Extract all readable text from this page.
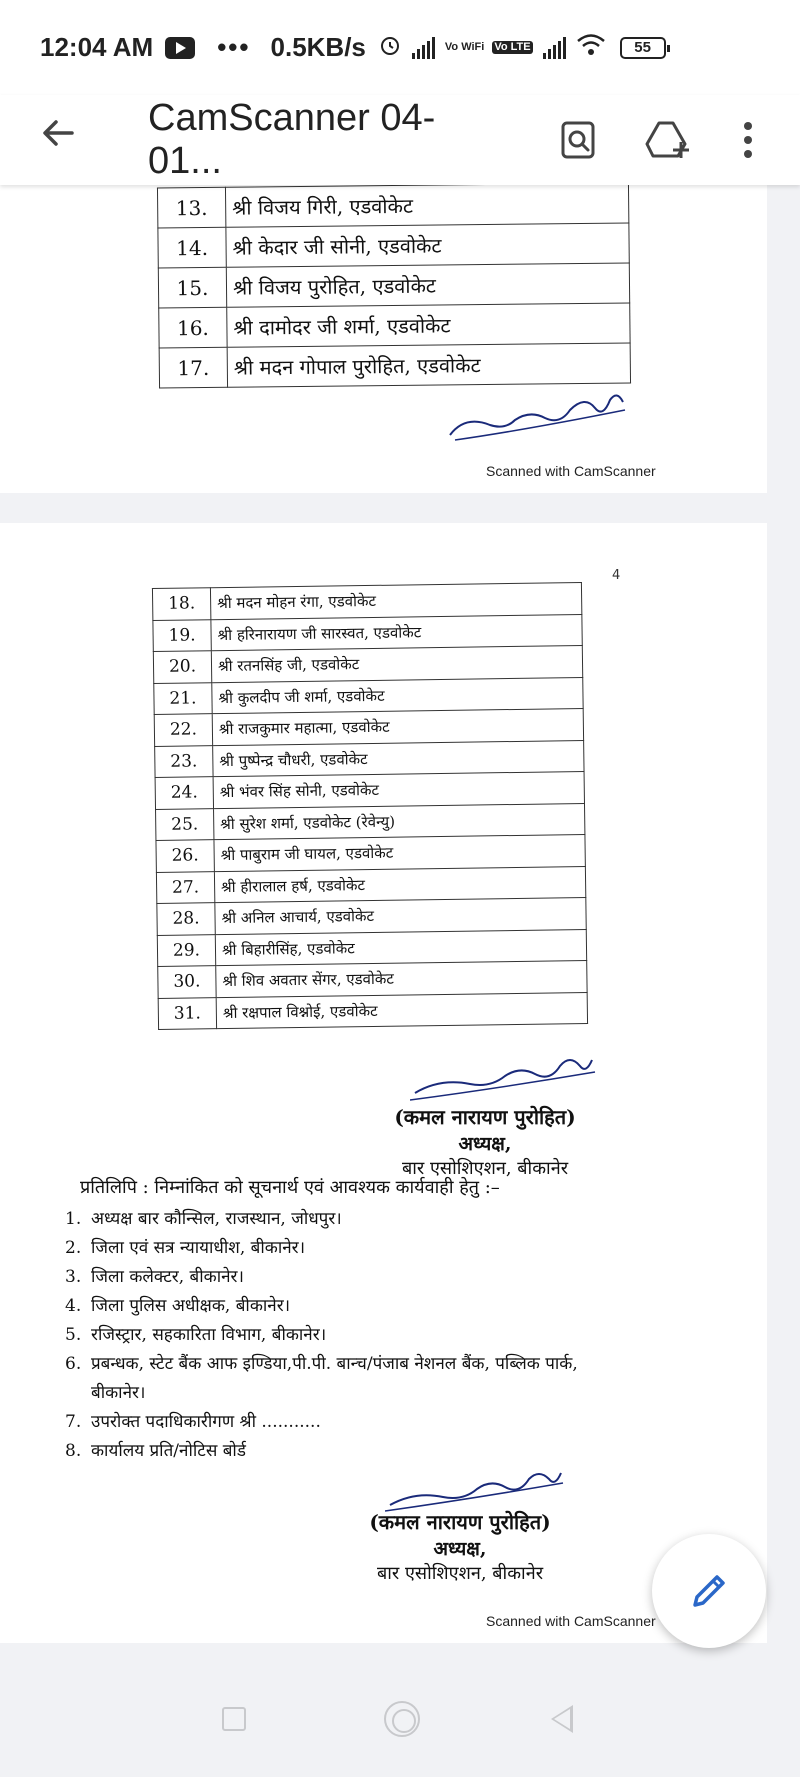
12:04 AM ••• 0.5KB/s	Vo WiFi Vo LTE	55
CamScanner 04-01...
13.	श्री विजय गिरी, एडवोकेट
14.	श्री केदार जी सोनी, एडवोकेट
15.	श्री विजय पुरोहित, एडवोकेट
16.	श्री दामोदर जी शर्मा, एडवोकेट
17.	श्री मदन गोपाल पुरोहित, एडवोकेट
Scanned with CamScanner
4
18.	श्री मदन मोहन रंगा, एडवोकेट
19.	श्री हरिनारायण जी सारस्वत, एडवोकेट
20.	श्री रतनसिंह जी, एडवोकेट
21.	श्री कुलदीप जी शर्मा, एडवोकेट
22.	श्री राजकुमार महात्मा, एडवोकेट
23.	श्री पुष्पेन्द्र चौधरी, एडवोकेट
24.	श्री भंवर सिंह सोनी, एडवोकेट
25.	श्री सुरेश शर्मा, एडवोकेट (रेवेन्यु)
26.	श्री पाबुराम जी घायल, एडवोकेट
27.	श्री हीरालाल हर्ष, एडवोकेट
28.	श्री अनिल आचार्य, एडवोकेट
29.	श्री बिहारीसिंह, एडवोकेट
30.	श्री शिव अवतार सेंगर, एडवोकेट
31.	श्री रक्षपाल विश्नोई, एडवोकेट
(कमल नारायण पुरोहित)
अध्यक्ष,
बार एसोशिएशन, बीकानेर
प्रतिलिपि : निम्नांकित को सूचनार्थ एवं आवश्यक कार्यवाही हेतु :–
1. अध्यक्ष बार कौन्सिल, राजस्थान, जोधपुर।
2. जिला एवं सत्र न्यायाधीश, बीकानेर।
3. जिला कलेक्टर, बीकानेर।
4. जिला पुलिस अधीक्षक, बीकानेर।
5. रजिस्ट्रार, सहकारिता विभाग, बीकानेर।
6. प्रबन्धक, स्टेट बैंक आफ इण्डिया,पी.पी. बान्च/पंजाब नेशनल बैंक, पब्लिक पार्क, बीकानेर।
7. उपरोक्त पदाधिकारीगण श्री ...........
8. कार्यालय प्रति/नोटिस बोर्ड
(कमल नारायण पुरोहित)
अध्यक्ष,
बार एसोशिएशन, बीकानेर
Scanned with CamScanner
